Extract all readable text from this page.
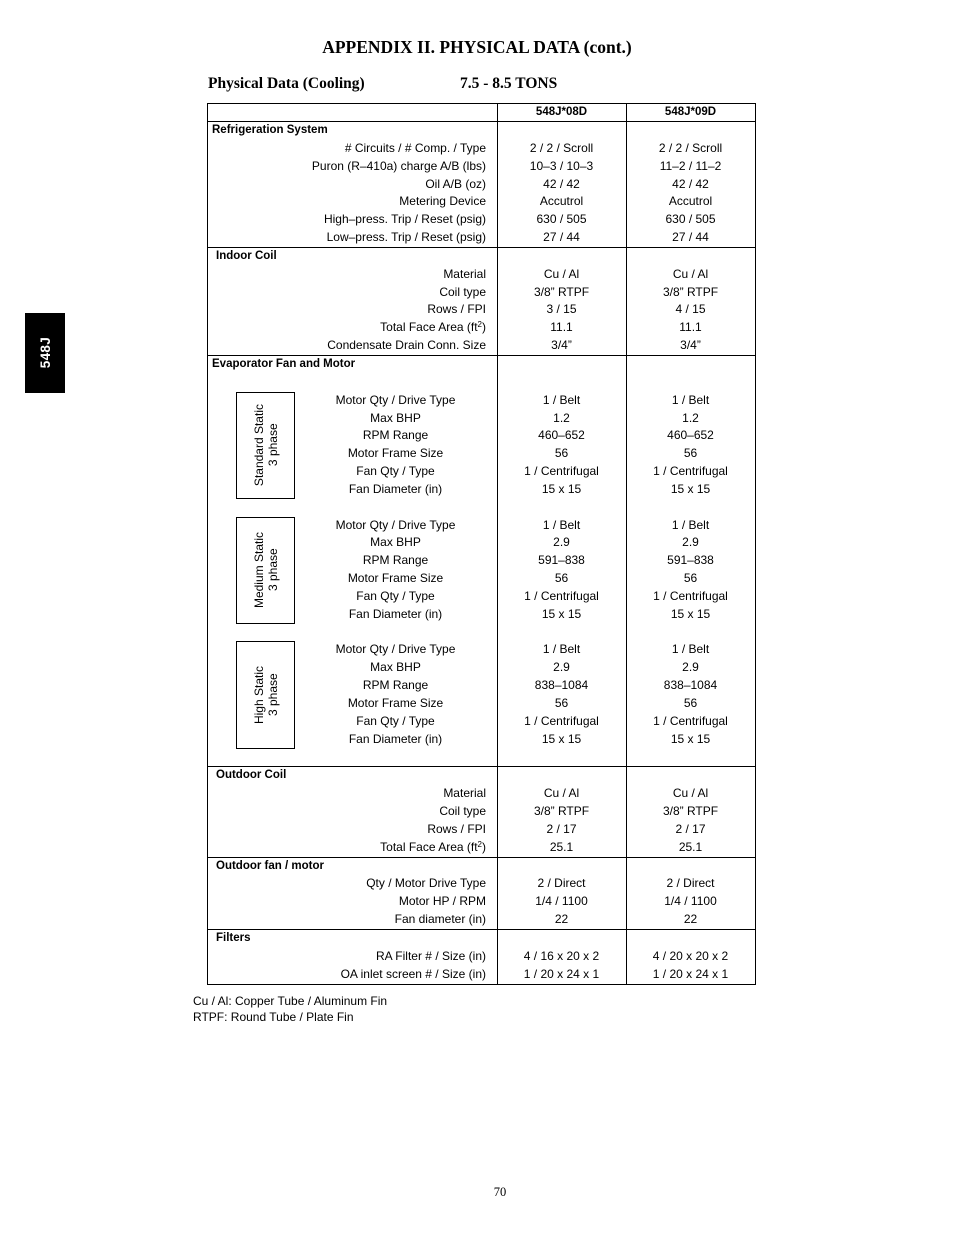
APPENDIX II. PHYSICAL DATA (cont.)
Physical Data (Cooling)	7.5 - 8.5 TONS
548J
548J*08D	548J*09D
Refrigeration System
# Circuits / # Comp. / Type	2 / 2 / Scroll	2 / 2 / Scroll
Puron (R–410a) charge A/B (lbs)	10–3 / 10–3	11–2 / 11–2
Oil A/B (oz)	42 / 42	42 / 42
Metering Device	Accutrol	Accutrol
High–press. Trip / Reset (psig)	630 / 505	630 / 505
Low–press. Trip / Reset (psig)	27 / 44	27 / 44
Indoor Coil
Material	Cu / Al	Cu / Al
Coil type	3/8” RTPF	3/8” RTPF
Rows / FPI	3 / 15	4 / 15
Total Face Area $(ft^2)$	11.1	11.1
Condensate Drain Conn. Size	3/4”	3/4”
Evaporator Fan and Motor
Standard Static 3 phase
Motor Qty / Drive Type	1 / Belt	1 / Belt
Max BHP	1.2	1.2
RPM Range	460–652	460–652
Motor Frame Size	56	56
Fan Qty / Type	1 / Centrifugal	1 / Centrifugal
Fan Diameter (in)	15 x 15	15 x 15
Medium Static 3 phase
Motor Qty / Drive Type	1 / Belt	1 / Belt
Max BHP	2.9	2.9
RPM Range	591–838	591–838
Motor Frame Size	56	56
Fan Qty / Type	1 / Centrifugal	1 / Centrifugal
Fan Diameter (in)	15 x 15	15 x 15
High Static 3 phase
Motor Qty / Drive Type	1 / Belt	1 / Belt
Max BHP	2.9	2.9
RPM Range	838–1084	838–1084
Motor Frame Size	56	56
Fan Qty / Type	1 / Centrifugal	1 / Centrifugal
Fan Diameter (in)	15 x 15	15 x 15
Outdoor Coil
Material	Cu / Al	Cu / Al
Coil type	3/8” RTPF	3/8” RTPF
Rows / FPI	2 / 17	2 / 17
Total Face Area $(ft^2)$	25.1	25.1
Outdoor fan / motor
Qty / Motor Drive Type	2 / Direct	2 / Direct
Motor HP / RPM	1/4 / 1100	1/4 / 1100
Fan diameter (in)	22	22
Filters
RA Filter # / Size (in)	4 / 16 x 20 x 2	4 / 20 x 20 x 2
OA inlet screen # / Size (in)	1 / 20 x 24 x 1	1 / 20 x 24 x 1
Cu / Al: Copper Tube / Aluminum Fin
RTPF: Round Tube / Plate Fin
70
